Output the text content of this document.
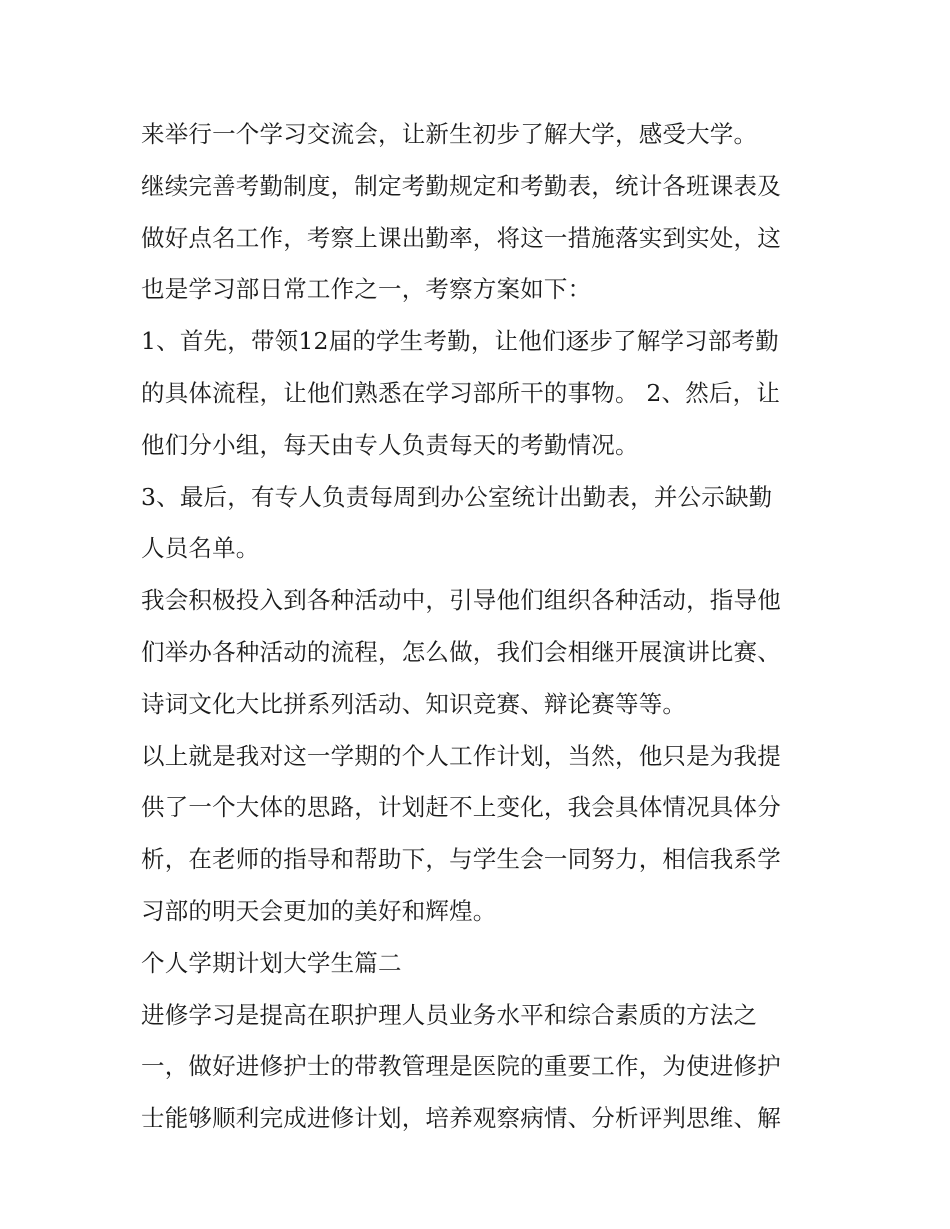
来举行一个学习交流会，让新生初步了解大学，感受大学。
继续完善考勤制度，制定考勤规定和考勤表，统计各班课表及
做好点名工作，考察上课出勤率，将这一措施落实到实处，这
也是学习部日常工作之一，考察方案如下：
1、首先，带领12届的学生考勤，让他们逐步了解学习部考勤
的具体流程，让他们熟悉在学习部所干的事物。 2、然后，让
他们分小组，每天由专人负责每天的考勤情况。
3、最后，有专人负责每周到办公室统计出勤表，并公示缺勤
人员名单。
我会积极投入到各种活动中，引导他们组织各种活动，指导他
们举办各种活动的流程，怎么做，我们会相继开展演讲比赛、
诗词文化大比拼系列活动、知识竞赛、辩论赛等等。
以上就是我对这一学期的个人工作计划，当然，他只是为我提
供了一个大体的思路，计划赶不上变化，我会具体情况具体分
析，在老师的指导和帮助下，与学生会一同努力，相信我系学
习部的明天会更加的美好和辉煌。
个人学期计划大学生篇二
进修学习是提高在职护理人员业务水平和综合素质的方法之
一，做好进修护士的带教管理是医院的重要工作，为使进修护
士能够顺利完成进修计划，培养观察病情、分析评判思维、解
